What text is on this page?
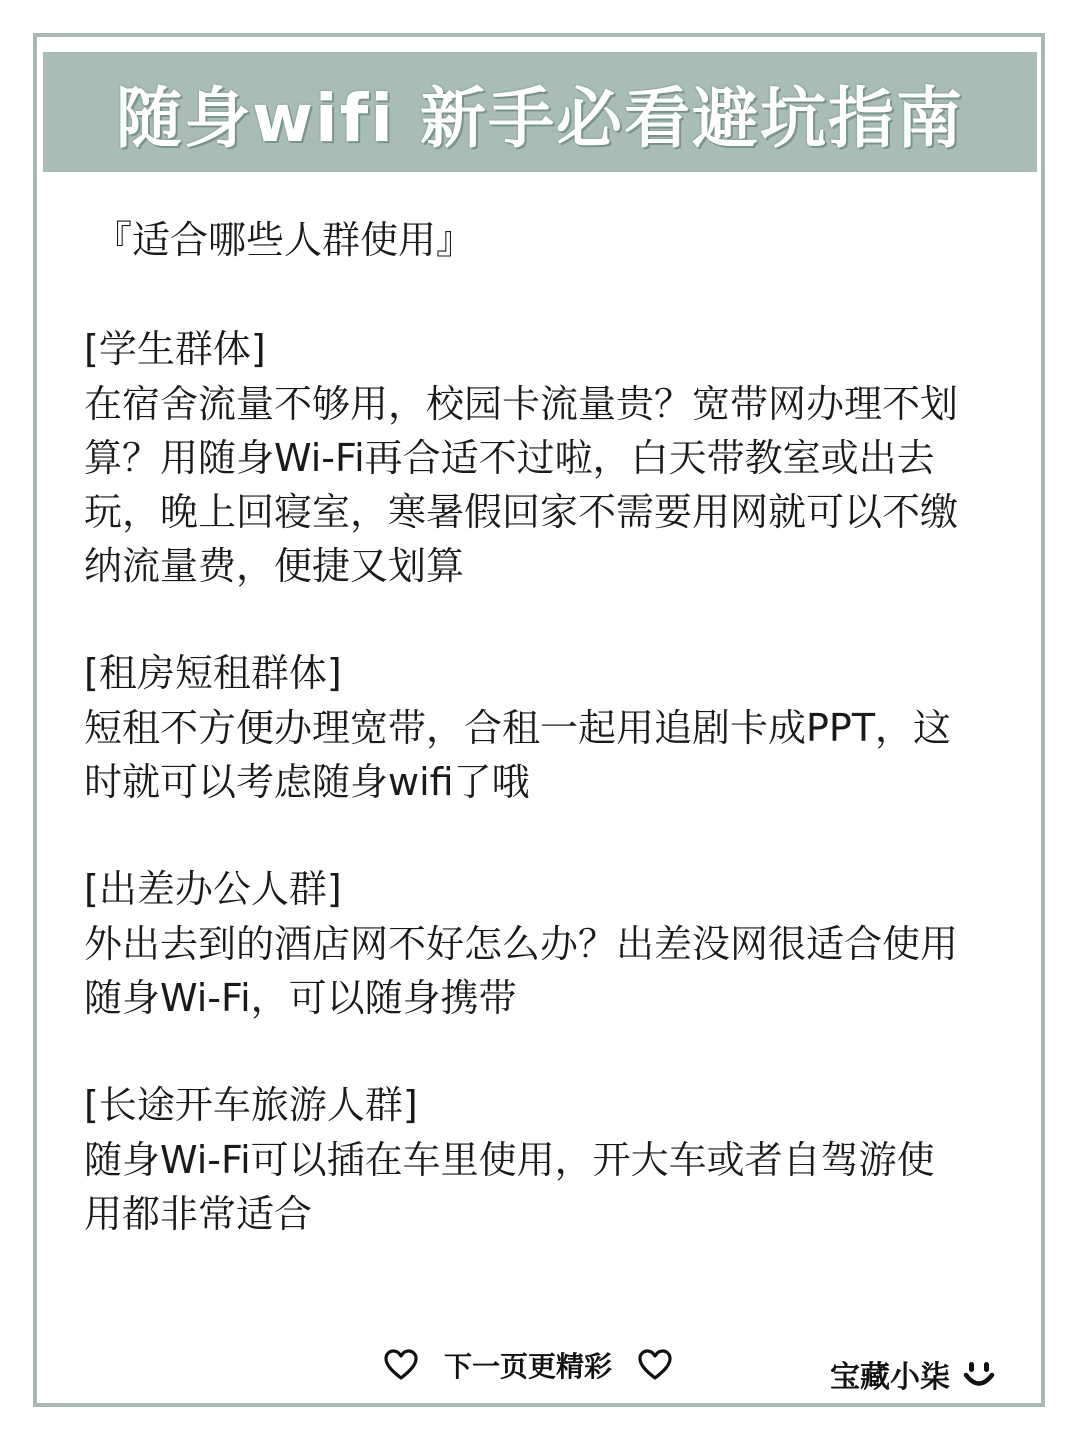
随身wifi 新手必看避坑指南
『适合哪些人群使用』
[学生群体]
在宿舍流量不够用，校园卡流量贵？宽带网办理不划
算？用随身Wi-Fi再合适不过啦，白天带教室或出去
玩，晚上回寝室，寒暑假回家不需要用网就可以不缴
纳流量费，便捷又划算
[租房短租群体]
短租不方便办理宽带，合租一起用追剧卡成PPT，这
时就可以考虑随身wifi了哦
[出差办公人群]
外出去到的酒店网不好怎么办？出差没网很适合使用
随身Wi-Fi，可以随身携带
[长途开车旅游人群]
随身Wi-Fi可以插在车里使用，开大车或者自驾游使
用都非常适合
下一页更精彩	宝藏小柒
